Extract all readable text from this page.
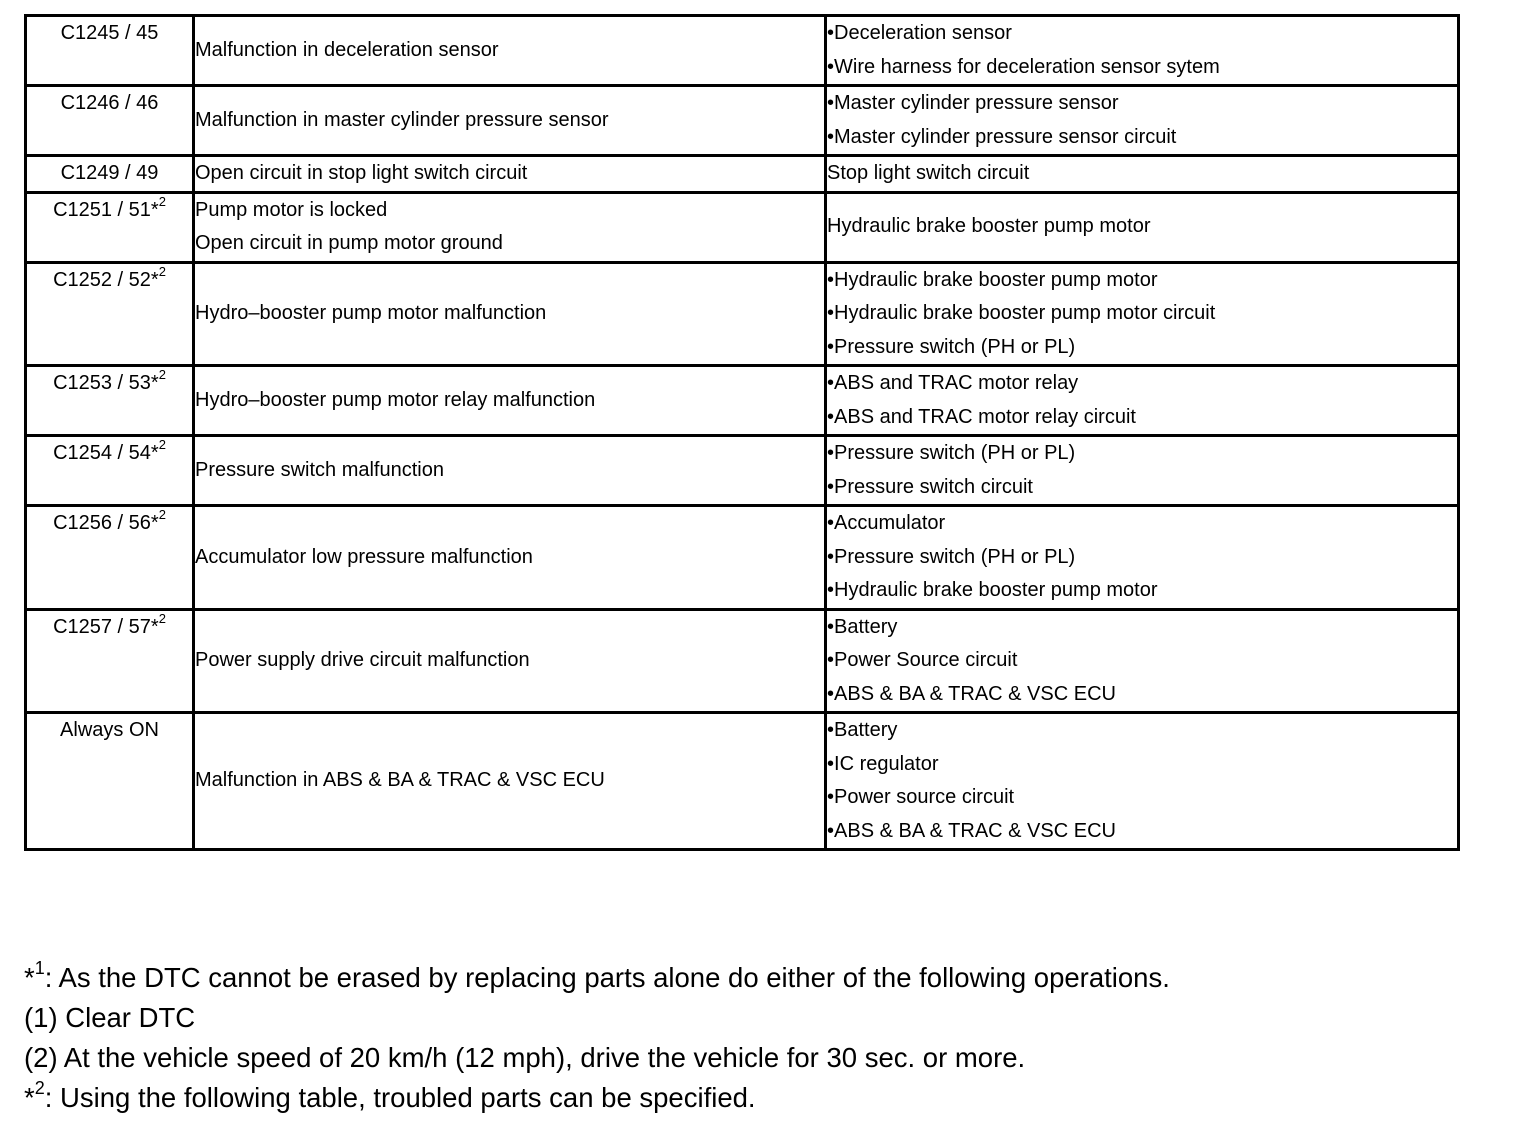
C1245 / 45	Malfunction in deceleration sensor	•Deceleration sensor
•Wire harness for deceleration sensor sytem

C1246 / 46	Malfunction in master cylinder pressure sensor	•Master cylinder pressure sensor
•Master cylinder pressure sensor circuit

C1249 / 49	Open circuit in stop light switch circuit	Stop light switch circuit

C1251 / 51*$^2$	Pump motor is locked
Open circuit in pump motor ground	Hydraulic brake booster pump motor

C1252 / 52*$^2$	Hydro–booster pump motor malfunction	•Hydraulic brake booster pump motor
•Hydraulic brake booster pump motor circuit
•Pressure switch (PH or PL)

C1253 / 53*$^2$	Hydro–booster pump motor relay malfunction	•ABS and TRAC motor relay
•ABS and TRAC motor relay circuit

C1254 / 54*$^2$	Pressure switch malfunction	•Pressure switch (PH or PL)
•Pressure switch circuit

C1256 / 56*$^2$	Accumulator low pressure malfunction	•Accumulator
•Pressure switch (PH or PL)
•Hydraulic brake booster pump motor

C1257 / 57*$^2$	Power supply drive circuit malfunction	•Battery
•Power Source circuit
•ABS & BA & TRAC & VSC ECU

Always ON	Malfunction in ABS & BA & TRAC & VSC ECU	•Battery
•IC regulator
•Power source circuit
•ABS & BA & TRAC & VSC ECU
*$^1$: As the DTC cannot be erased by replacing parts alone do either of the following operations.
(1) Clear DTC
(2) At the vehicle speed of 20 km/h (12 mph), drive the vehicle for 30 sec. or more.
*$^2$: Using the following table, troubled parts can be specified.
